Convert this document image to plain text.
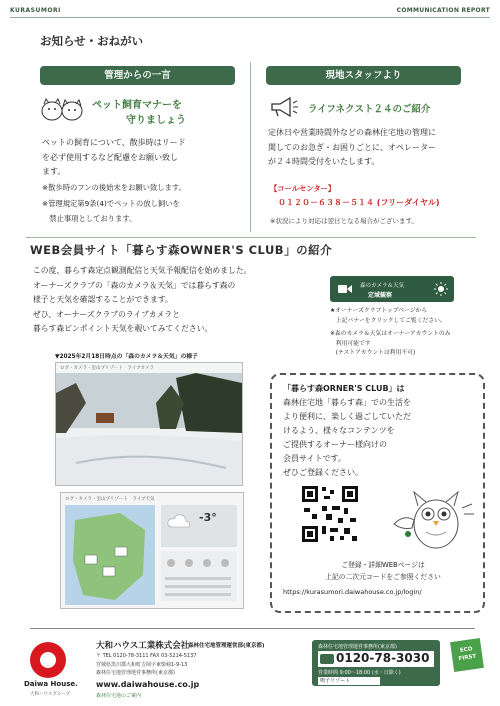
KURASUMORI	COMMUNICATION REPORT
お知らせ・おねがい
管理からの一言
ペット飼育マナーを
守りましょう
ペットの飼育について、散歩時はリード
を必ず使用するなど配慮をお願い致し
ます。
※散歩時のフンの後始末をお願い致します。
※管理規定第9条(4)でペットの放し飼いを
　禁止事項としております。
現地スタッフより
ライフネクスト２４のご紹介
定休日や営業時間外などの森林住宅地の管理に
関してのお急ぎ・お困りごとに、オペレーター
が２４時間受付をいたします。
【コールセンター】
０１２０－６３８－５１４ (フリーダイヤル)
※状況により対応は翌日となる場合がございます。
WEB会員サイト「暮らす森OWNER'S CLUB」の紹介
この度、暮らす森定点観測配信と天気予報配信を始めました。
オーナーズクラブの「森のカメラ＆天気」では暮らす森の
様子と天気を確認することができます。
ぜひ、オーナーズクラブのライブカメラと
暮らす森ピンポイント天気を覗いてみてください。
森のカメラ＆天気
定域観察
★オーナーズクラブトップページから
　上記バナーをクリックしてご覧ください。
※森のカメラ＆天気はオーナーアカウントのみ
　利用可能です
　(テストアカウントは利用不可)
▼2025年2月18日時点の「森のカメラ＆天気」の様子
ログ・カメラ・室山プリゾート　ライブカメラ
ログ・カメラ・室山プリゾート　ライブ天気
-3°
「暮らす森ORNER'S CLUB」は
森林住宅地「暮らす森」での生活を
より便利に、楽しく過ごしていただ
けるよう、様々なコンテンツを
ご提供するオーナー様向けの
会員サイトです。
ぜひご登録ください。
ご登録・詳細WEBページは
上記の二次元コードをご参照ください
https://kurasumori.daiwahouse.co.jp/login/
Daiwa House.
大和ハウスグループ
大和ハウス工業株式会社
森林住宅地管理運営部(東京都)
〒 TEL 0120-78-3111 FAX 03-5214-5137
宮城県黒川郡大和町吉岡字東柴崎1-9-13
森林住宅地管理運営事務所(東京都)
www.daiwahouse.co.jp
森林住宅地のご案内
森林住宅地管理運営事務所(東京都)
0120-78-3030
営業時間 9:00～18:00 (水・日除く)
鳴子リゾート
ECO FIRST
